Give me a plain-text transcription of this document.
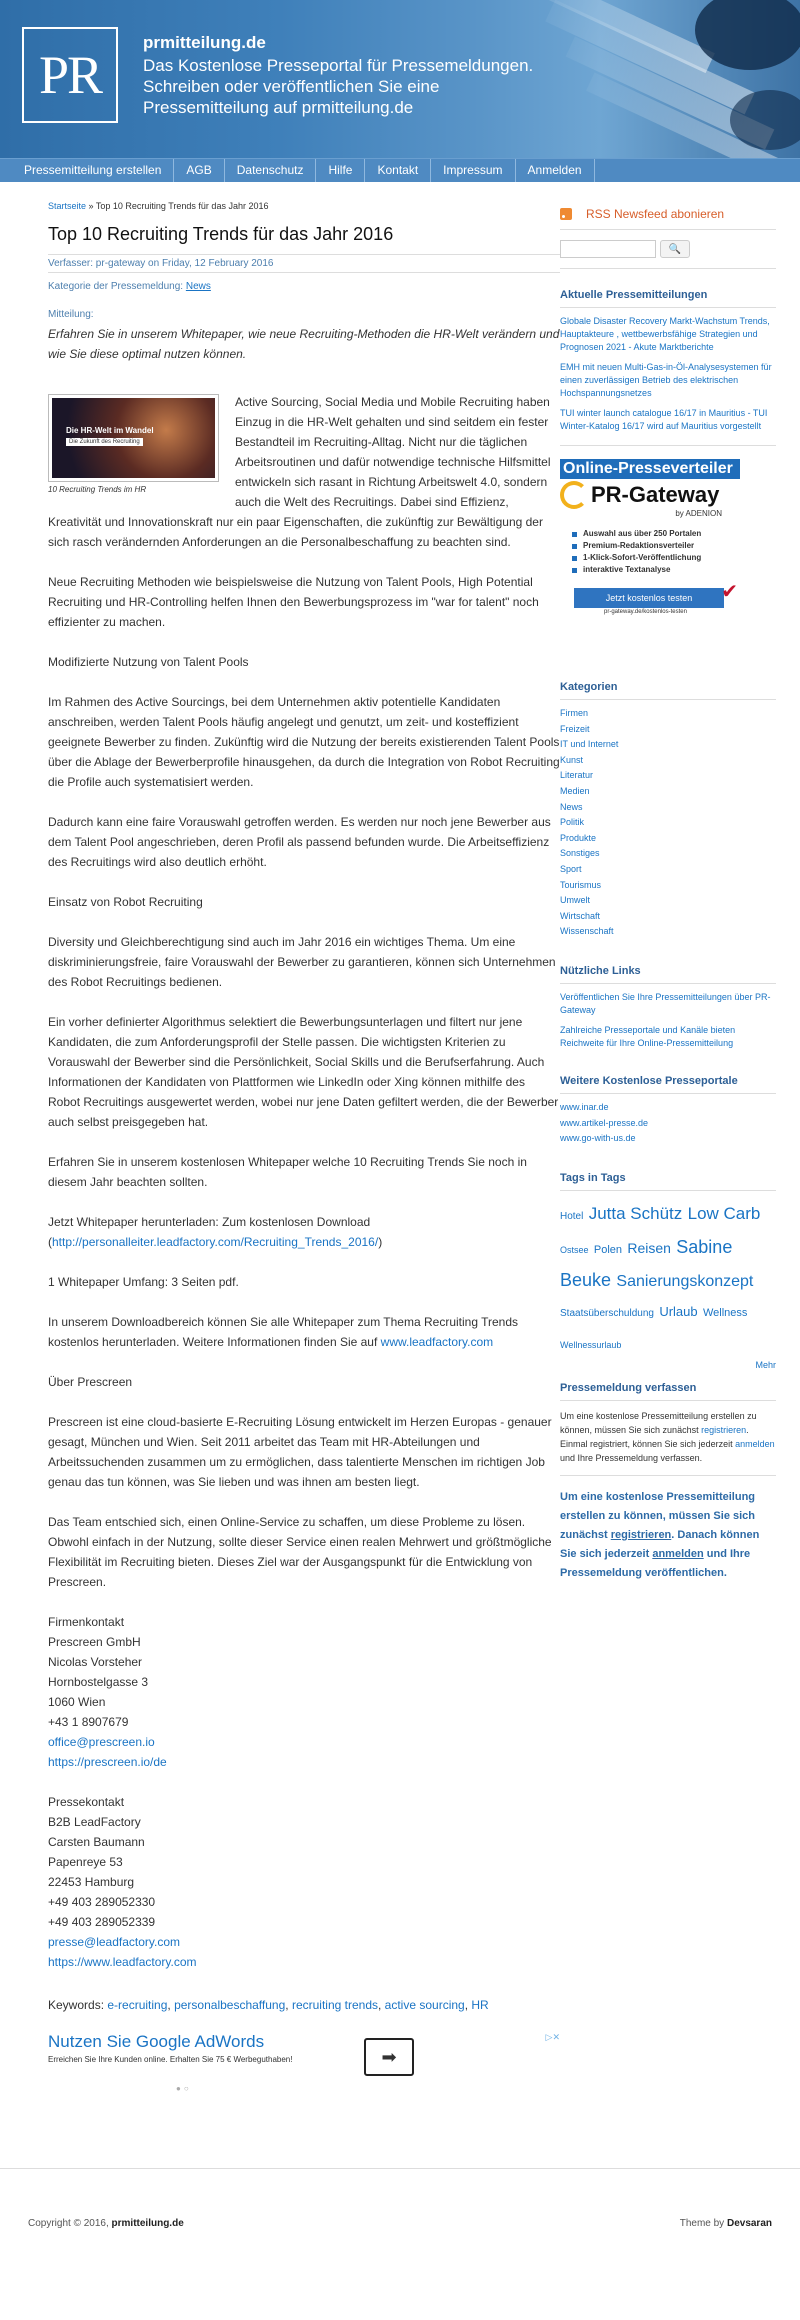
PR
prmitteilung.de
Das Kostenlose Presseportal für Pressemeldungen. Schreiben oder veröffentlichen Sie eine Pressemitteilung auf prmitteilung.de
Pressemitteilung erstellen	AGB	Datenschutz	Hilfe	Kontakt	Impressum	Anmelden
Startseite » Top 10 Recruiting Trends für das Jahr 2016
Top 10 Recruiting Trends für das Jahr 2016
Verfasser: pr-gateway on Friday, 12 February 2016
Kategorie der Pressemeldung: News
Mitteilung:
Erfahren Sie in unserem Whitepaper, wie neue Recruiting-Methoden die HR-Welt verändern und wie Sie diese optimal nutzen können.
Die HR-Welt im Wandel
Die Zukunft des Recruiting
10 Recruiting Trends im HR

Active Sourcing, Social Media und Mobile Recruiting haben Einzug in die HR-Welt gehalten und sind seitdem ein fester Bestandteil im Recruiting-Alltag. Nicht nur die täglichen Arbeitsroutinen und dafür notwendige technische Hilfsmittel entwickeln sich rasant in Richtung Arbeitswelt 4.0, sondern auch die Welt des Recruitings. Dabei sind Effizienz, Kreativität und Innovationskraft nur ein paar Eigenschaften, die zukünftig zur Bewältigung der sich rasch verändernden Anforderungen an die Personalbeschaffung zu beachten sind.

Neue Recruiting Methoden wie beispielsweise die Nutzung von Talent Pools, High Potential Recruiting und HR-Controlling helfen Ihnen den Bewerbungsprozess im "war for talent" noch effizienter zu machen.

Modifizierte Nutzung von Talent Pools

Im Rahmen des Active Sourcings, bei dem Unternehmen aktiv potentielle Kandidaten anschreiben, werden Talent Pools häufig angelegt und genutzt, um zeit- und kosteffizient geeignete Bewerber zu finden. Zukünftig wird die Nutzung der bereits existierenden Talent Pools über die Ablage der Bewerberprofile hinausgehen, da durch die Integration von Robot Recruiting die Profile auch systematisiert werden.

Dadurch kann eine faire Vorauswahl getroffen werden. Es werden nur noch jene Bewerber aus dem Talent Pool angeschrieben, deren Profil als passend befunden wurde. Die Arbeitseffizienz des Recruitings wird also deutlich erhöht.

Einsatz von Robot Recruiting

Diversity und Gleichberechtigung sind auch im Jahr 2016 ein wichtiges Thema. Um eine diskriminierungsfreie, faire Vorauswahl der Bewerber zu garantieren, können sich Unternehmen des Robot Recruitings bedienen.

Ein vorher definierter Algorithmus selektiert die Bewerbungsunterlagen und filtert nur jene Kandidaten, die zum Anforderungsprofil der Stelle passen. Die wichtigsten Kriterien zu Vorauswahl der Bewerber sind die Persönlichkeit, Social Skills und die Berufserfahrung. Auch Informationen der Kandidaten von Plattformen wie LinkedIn oder Xing können mithilfe des Robot Recruitings ausgewertet werden, wobei nur jene Daten gefiltert werden, die der Bewerber auch selbst preisgegeben hat.

Erfahren Sie in unserem kostenlosen Whitepaper welche 10 Recruiting Trends Sie noch in diesem Jahr beachten sollten.

Jetzt Whitepaper herunterladen: Zum kostenlosen Download
(http://personalleiter.leadfactory.com/Recruiting_Trends_2016/)

1 Whitepaper Umfang: 3 Seiten pdf.

In unserem Downloadbereich können Sie alle Whitepaper zum Thema Recruiting Trends kostenlos herunterladen. Weitere Informationen finden Sie auf www.leadfactory.com

Über Prescreen

Prescreen ist eine cloud-basierte E-Recruiting Lösung entwickelt im Herzen Europas - genauer gesagt, München und Wien. Seit 2011 arbeitet das Team mit HR-Abteilungen und Arbeitssuchenden zusammen um zu ermöglichen, dass talentierte Menschen im richtigen Job genau das tun können, was Sie lieben und was ihnen am besten liegt.

Das Team entschied sich, einen Online-Service zu schaffen, um diese Probleme zu lösen. Obwohl einfach in der Nutzung, sollte dieser Service einen realen Mehrwert und größtmögliche Flexibilität im Recruiting bieten. Dieses Ziel war der Ausgangspunkt für die Entwicklung von Prescreen.

Firmenkontakt
Prescreen GmbH
Nicolas Vorsteher
Hornbostelgasse 3
1060 Wien
+43 1 8907679
office@prescreen.io
https://prescreen.io/de
Pressekontakt
B2B LeadFactory
Carsten Baumann
Papenreye 53
22453 Hamburg
+49 403 289052330
+49 403 289052339
presse@leadfactory.com
https://www.leadfactory.com
Keywords: e-recruiting, personalbeschaffung, recruiting trends, active sourcing, HR
Nutzen Sie Google AdWords
Erreichen Sie Ihre Kunden online. Erhalten Sie 75 € Werbeguthaben!	➡
▷✕
●○
RSS Newsfeed abonieren
🔍
Aktuelle Pressemitteilungen
Globale Disaster Recovery Markt-Wachstum Trends, Hauptakteure , wettbewerbsfähige Strategien und Prognosen 2021 - Akute Marktberichte
EMH mit neuen Multi-Gas-in-Öl-Analysesystemen für einen zuverlässigen Betrieb des elektrischen Hochspannungsnetzes
TUI winter launch catalogue 16/17 in Mauritius - TUI Winter-Katalog 16/17 wird auf Mauritius vorgestellt
Online-Presseverteiler
PR-Gateway
by ADENION
Auswahl aus über 250 Portalen
Premium-Redaktionsverteiler
1-Klick-Sofort-Veröffentlichung
interaktive Textanalyse
Jetzt kostenlos testen ✔
pr-gateway.de/kostenlos-testen
Kategorien
Firmen
Freizeit
IT und Internet
Kunst
Literatur
Medien
News
Politik
Produkte
Sonstiges
Sport
Tourismus
Umwelt
Wirtschaft
Wissenschaft
Nützliche Links
Veröffentlichen Sie Ihre Pressemitteilungen über PR-Gateway
Zahlreiche Presseportale und Kanäle bieten Reichweite für Ihre Online-Pressemitteilung
Weitere Kostenlose Presseportale
www.inar.de
www.artikel-presse.de
www.go-with-us.de
Tags in Tags
Hotel Jutta Schütz Low Carb Ostsee Polen Reisen Sabine Beuke Sanierungskonzept Staatsüberschuldung Urlaub Wellness Wellnessurlaub
Mehr
Pressemeldung verfassen
Um eine kostenlose Pressemitteilung erstellen zu können, müssen Sie sich zunächst registrieren. Einmal registriert, können Sie sich jederzeit anmelden und Ihre Pressemeldung verfassen.
Um eine kostenlose Pressemitteilung erstellen zu können, müssen Sie sich zunächst registrieren. Danach können Sie sich jederzeit anmelden und Ihre Pressemeldung veröffentlichen.
Copyright © 2016, prmitteilung.de	Theme by Devsaran
